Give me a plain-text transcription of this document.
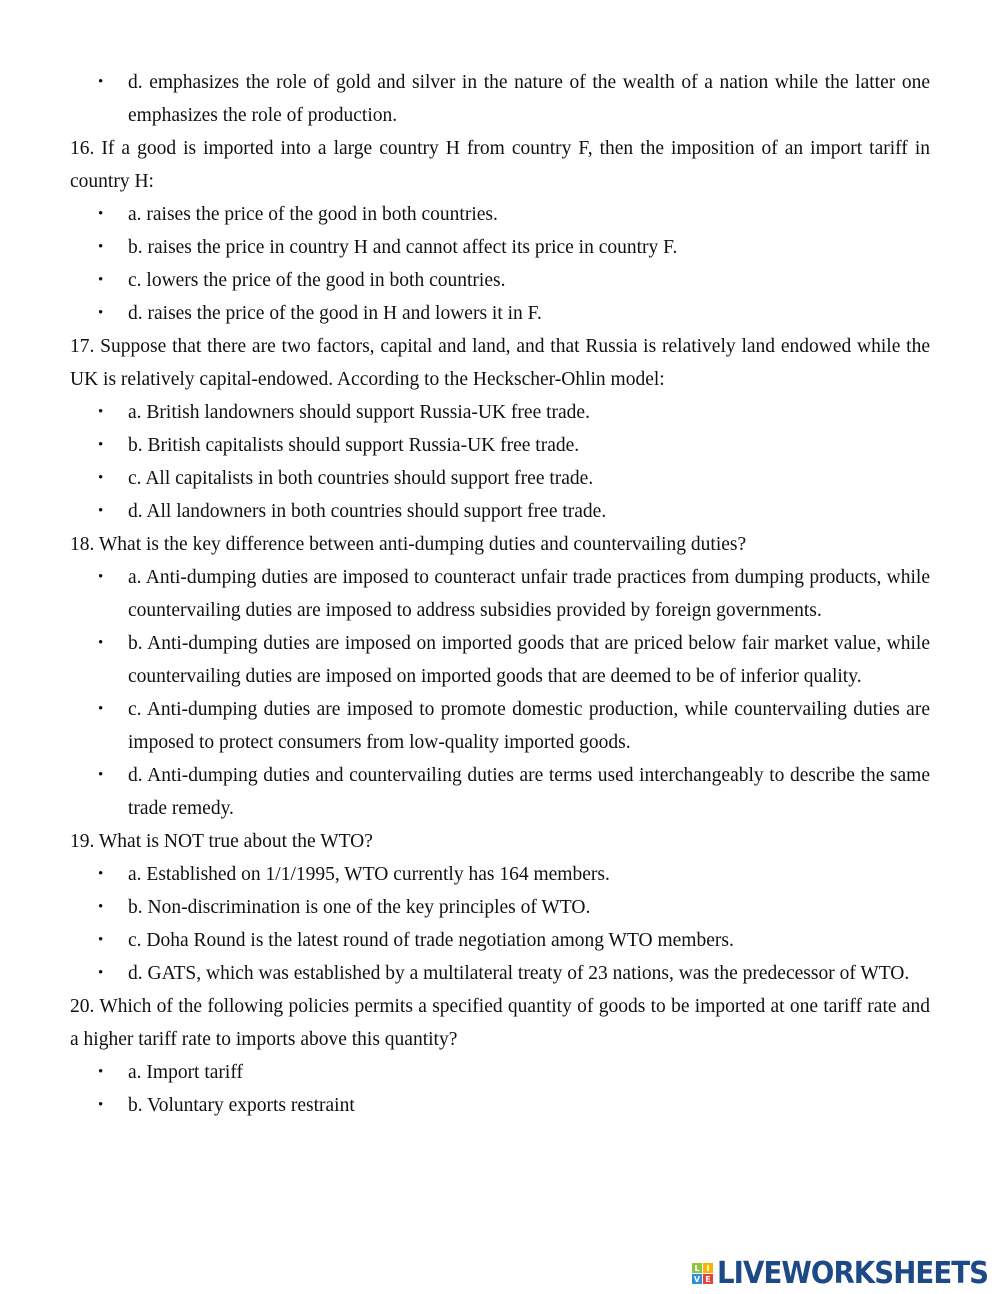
• d. emphasizes the role of gold and silver in the nature of the wealth of a nation while the latter one emphasizes the role of production.

16. If a good is imported into a large country H from country F, then the imposition of an import tariff in country H:

• a. raises the price of the good in both countries.

• b. raises the price in country H and cannot affect its price in country F.

• c. lowers the price of the good in both countries.

• d. raises the price of the good in H and lowers it in F.

17. Suppose that there are two factors, capital and land, and that Russia is relatively land endowed while the UK is relatively capital-endowed. According to the Heckscher-Ohlin model:

• a. British landowners should support Russia-UK free trade.

• b. British capitalists should support Russia-UK free trade.

• c. All capitalists in both countries should support free trade.

• d. All landowners in both countries should support free trade.

18. What is the key difference between anti-dumping duties and countervailing duties?

• a. Anti-dumping duties are imposed to counteract unfair trade practices from dumping products, while countervailing duties are imposed to address subsidies provided by foreign governments.

• b. Anti-dumping duties are imposed on imported goods that are priced below fair market value, while countervailing duties are imposed on imported goods that are deemed to be of inferior quality.

• c. Anti-dumping duties are imposed to promote domestic production, while countervailing duties are imposed to protect consumers from low-quality imported goods.

• d. Anti-dumping duties and countervailing duties are terms used interchangeably to describe the same trade remedy.

19. What is NOT true about the WTO?

• a. Established on 1/1/1995, WTO currently has 164 members.

• b. Non-discrimination is one of the key principles of WTO.

• c. Doha Round is the latest round of trade negotiation among WTO members.

• d. GATS, which was established by a multilateral treaty of 23 nations, was the predecessor of WTO.

20. Which of the following policies permits a specified quantity of goods to be imported at one tariff rate and a higher tariff rate to imports above this quantity?

• a. Import tariff

• b. Voluntary exports restraint

L I
V E LIVEWORKSHEETS
